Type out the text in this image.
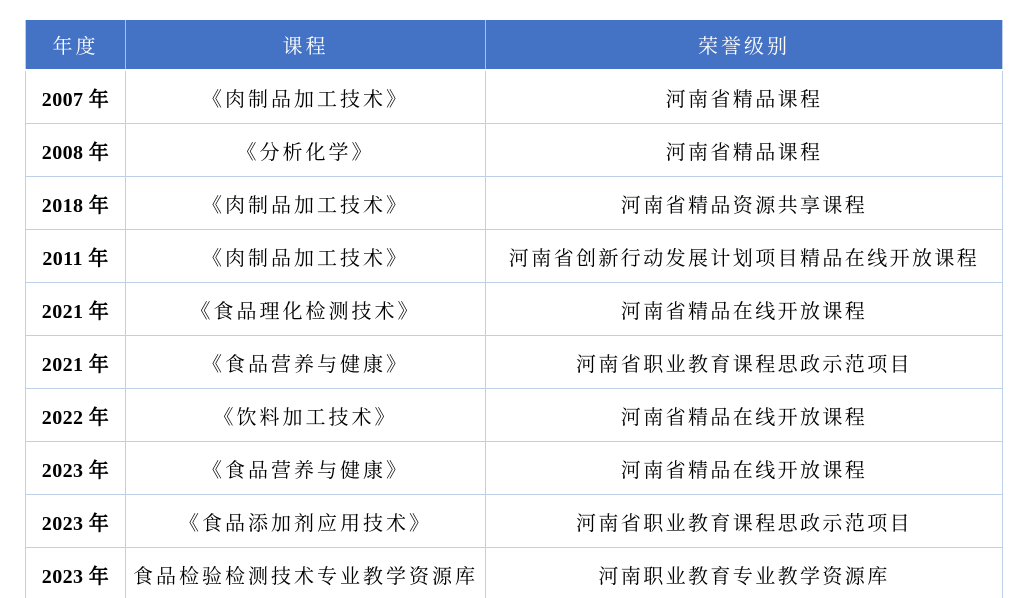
年度	课程	荣誉级别
2007 年	《肉制品加工技术》	河南省精品课程
2008 年	《分析化学》	河南省精品课程
2018 年	《肉制品加工技术》	河南省精品资源共享课程
2011 年	《肉制品加工技术》	河南省创新行动发展计划项目精品在线开放课程
2021 年	《食品理化检测技术》	河南省精品在线开放课程
2021 年	《食品营养与健康》	河南省职业教育课程思政示范项目
2022 年	《饮料加工技术》	河南省精品在线开放课程
2023 年	《食品营养与健康》	河南省精品在线开放课程
2023 年	《食品添加剂应用技术》	河南省职业教育课程思政示范项目
2023 年	食品检验检测技术专业教学资源库	河南职业教育专业教学资源库
